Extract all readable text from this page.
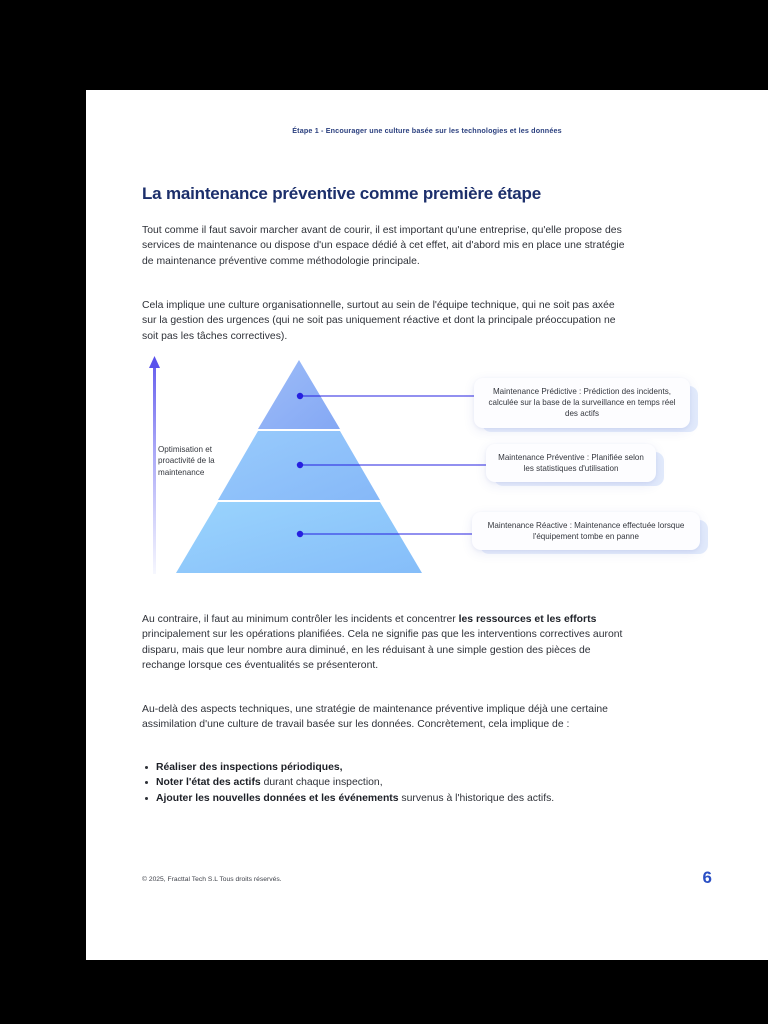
Étape 1 - Encourager une culture basée sur les technologies et les données
La maintenance préventive comme première étape

Tout comme il faut savoir marcher avant de courir, il est important qu'une entreprise, qu'elle propose des services de maintenance ou dispose d'un espace dédié à cet effet, ait d'abord mis en place une stratégie de maintenance préventive comme méthodologie principale.

Cela implique une culture organisationnelle, surtout au sein de l'équipe technique, qui ne soit pas axée sur la gestion des urgences (qui ne soit pas uniquement réactive et dont la principale préoccupation ne soit pas les tâches correctives).

Optimisation et proactivité de la maintenance
Maintenance Prédictive : Prédiction des incidents, calculée sur la base de la surveillance en temps réel des actifs
Maintenance Préventive : Planifiée selon les statistiques d'utilisation
Maintenance Réactive : Maintenance effectuée lorsque l'équipement tombe en panne

Au contraire, il faut au minimum contrôler les incidents et concentrer les ressources et les efforts principalement sur les opérations planifiées. Cela ne signifie pas que les interventions correctives auront disparu, mais que leur nombre aura diminué, en les réduisant à une simple gestion des pièces de rechange lorsque ces éventualités se présenteront.

Au-delà des aspects techniques, une stratégie de maintenance préventive implique déjà une certaine assimilation d'une culture de travail basée sur les données. Concrètement, cela implique de :

Réaliser des inspections périodiques,
Noter l'état des actifs durant chaque inspection,
Ajouter les nouvelles données et les événements survenus à l'historique des actifs.
© 2025, Fracttal Tech S.L Tous droits réservés.	6
